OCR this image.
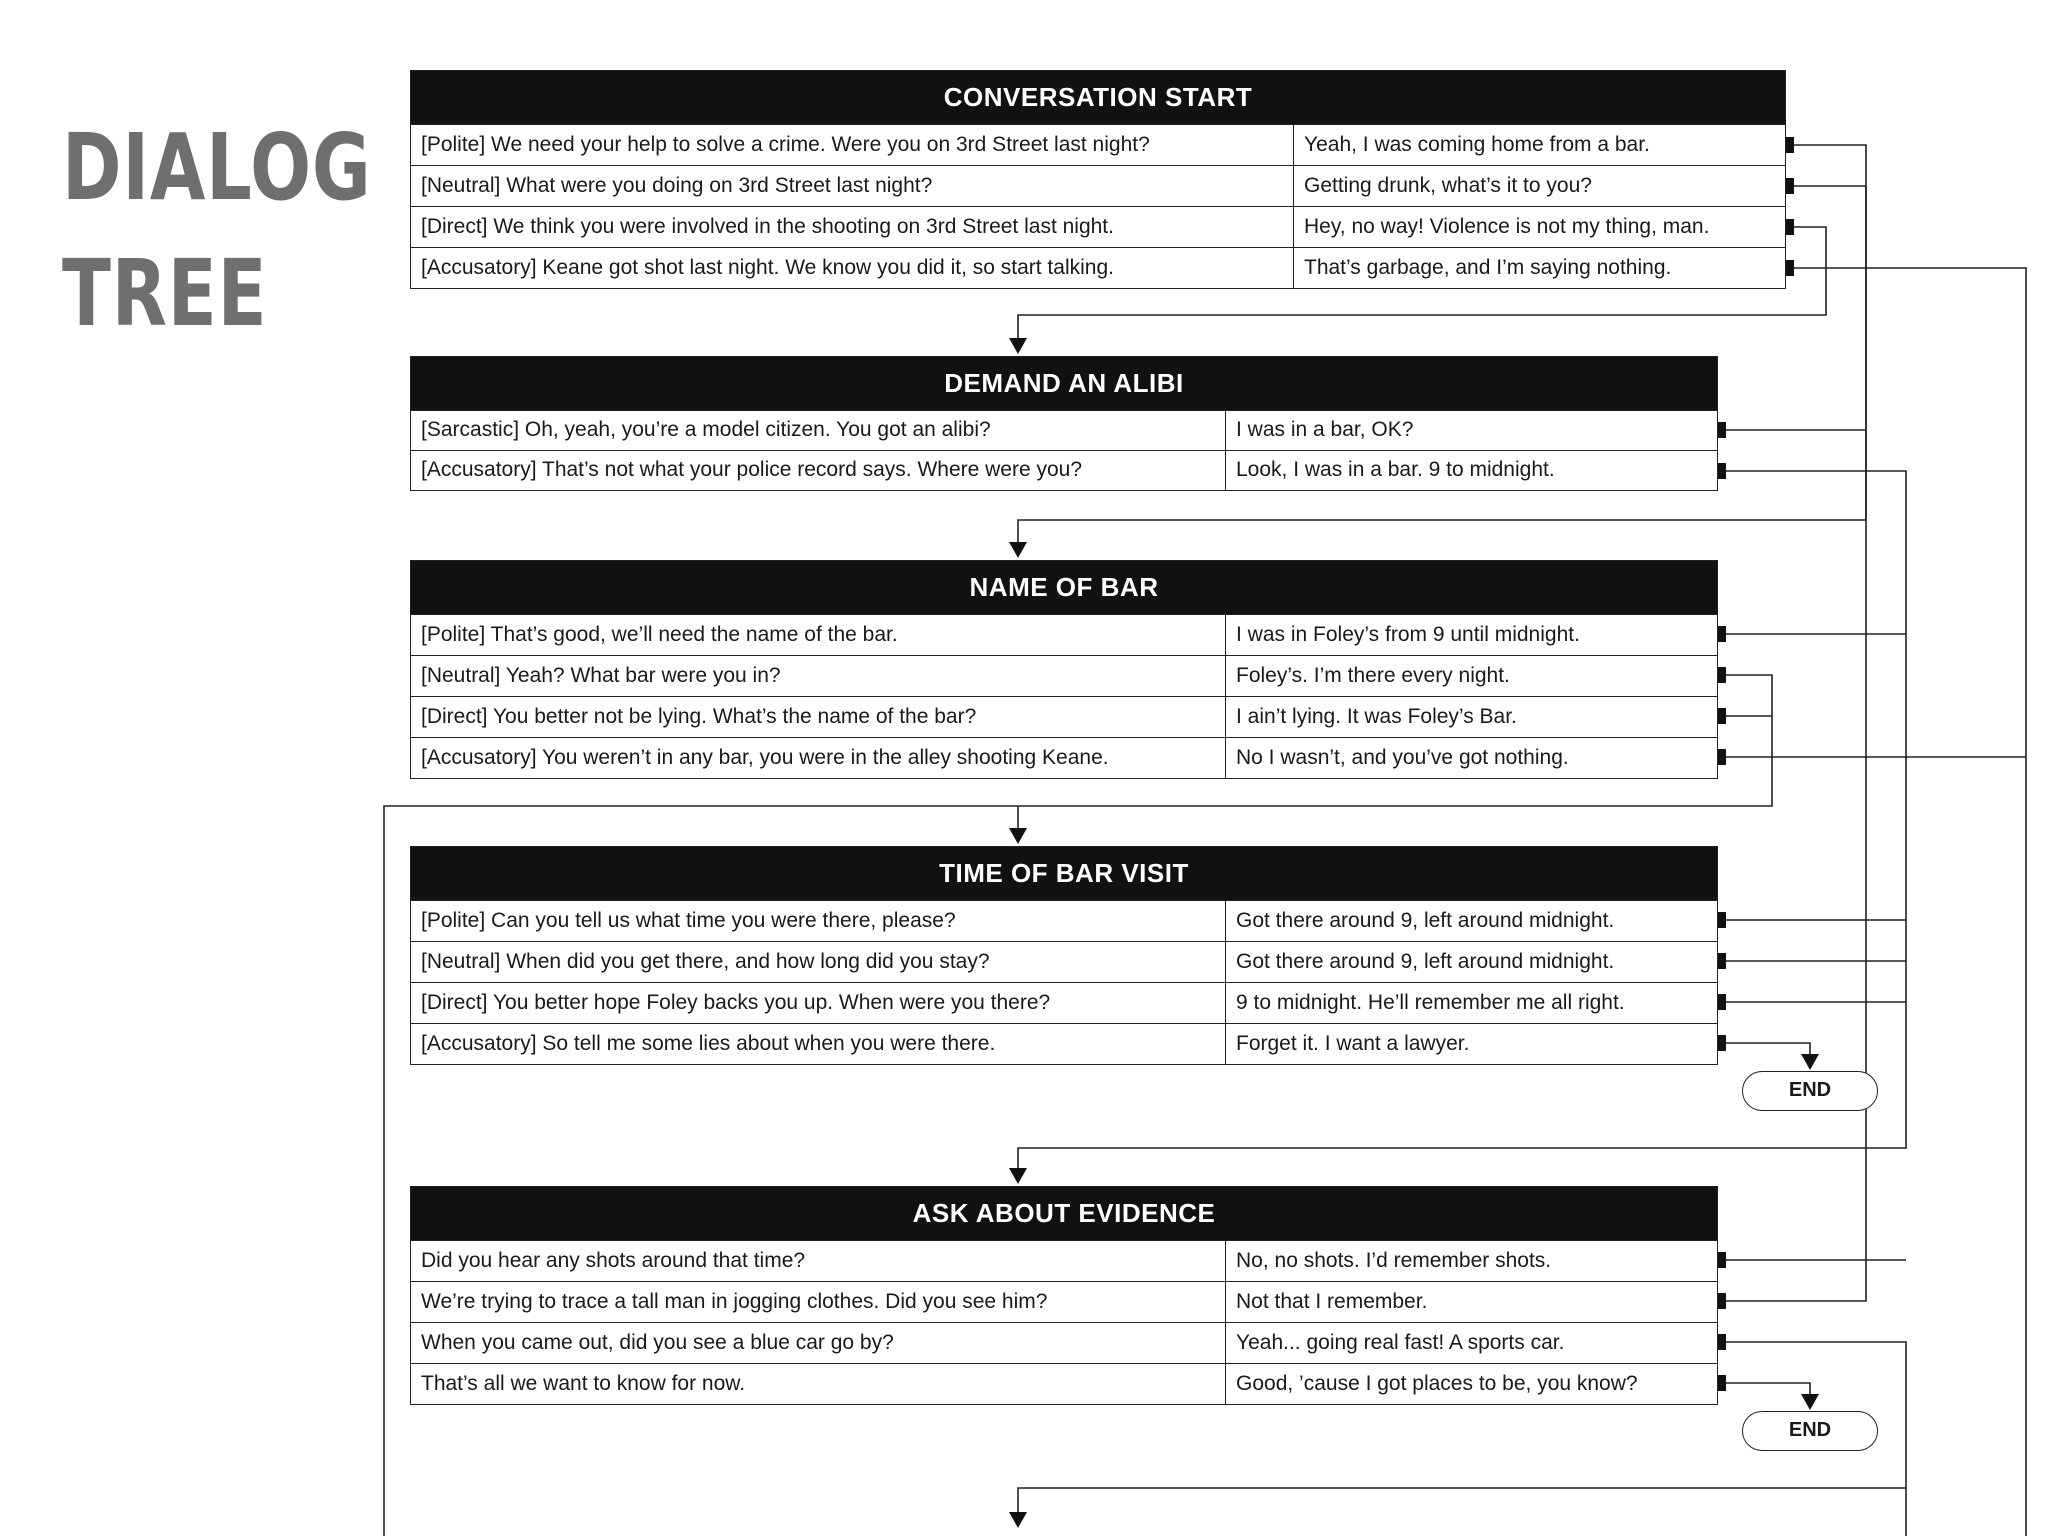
DIALOG
TREE
CONVERSATION START
[Polite] We need your help to solve a crime. Were you on 3rd Street last night?	Yeah, I was coming home from a bar.
[Neutral] What were you doing on 3rd Street last night?	Getting drunk, what’s it to you?
[Direct] We think you were involved in the shooting on 3rd Street last night.	Hey, no way! Violence is not my thing, man.
[Accusatory] Keane got shot last night. We know you did it, so start talking.	That’s garbage, and I’m saying nothing.
DEMAND AN ALIBI
[Sarcastic] Oh, yeah, you’re a model citizen. You got an alibi?	I was in a bar, OK?
[Accusatory] That’s not what your police record says. Where were you?	Look, I was in a bar. 9 to midnight.
NAME OF BAR
[Polite] That’s good, we’ll need the name of the bar.	I was in Foley’s from 9 until midnight.
[Neutral] Yeah? What bar were you in?	Foley’s. I’m there every night.
[Direct] You better not be lying. What’s the name of the bar?	I ain’t lying. It was Foley’s Bar.
[Accusatory] You weren’t in any bar, you were in the alley shooting Keane.	No I wasn’t, and you’ve got nothing.
TIME OF BAR VISIT
[Polite] Can you tell us what time you were there, please?	Got there around 9, left around midnight.
[Neutral] When did you get there, and how long did you stay?	Got there around 9, left around midnight.
[Direct] You better hope Foley backs you up. When were you there?	9 to midnight. He’ll remember me all right.
[Accusatory] So tell me some lies about when you were there.	Forget it. I want a lawyer.
ASK ABOUT EVIDENCE
Did you hear any shots around that time?	No, no shots. I’d remember shots.
We’re trying to trace a tall man in jogging clothes. Did you see him?	Not that I remember.
When you came out, did you see a blue car go by?	Yeah... going real fast! A sports car.
That’s all we want to know for now.	Good, ’cause I got places to be, you know?
END
END
